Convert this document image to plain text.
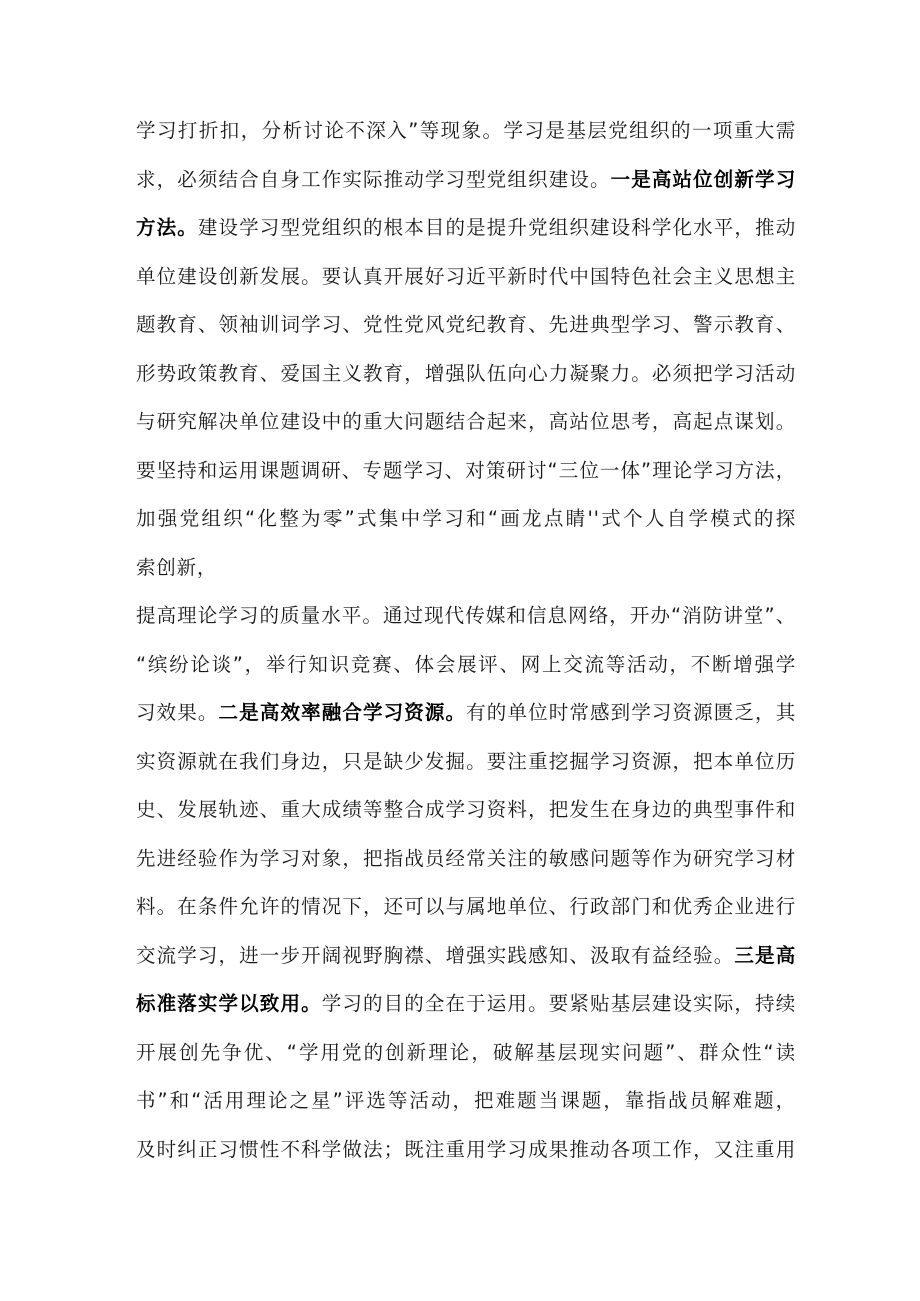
学习打折扣，分析讨论不深入”等现象。学习是基层党组织的一项重大需
求，必须结合自身工作实际推动学习型党组织建设。一是高站位创新学习
方法。建设学习型党组织的根本目的是提升党组织建设科学化水平，推动
单位建设创新发展。要认真开展好习近平新时代中国特色社会主义思想主
题教育、领袖训词学习、党性党风党纪教育、先进典型学习、警示教育、
形势政策教育、爱国主义教育，增强队伍向心力凝聚力。必须把学习活动
与研究解决单位建设中的重大问题结合起来，高站位思考，高起点谋划。
要坚持和运用课题调研、专题学习、对策研讨“三位一体”理论学习方法，
加强党组织“化整为零”式集中学习和“画龙点睛''式个人自学模式的探
索创新，
提高理论学习的质量水平。通过现代传媒和信息网络，开办“消防讲堂”、
“缤纷论谈”，举行知识竞赛、体会展评、网上交流等活动，不断增强学
习效果。二是高效率融合学习资源。有的单位时常感到学习资源匮乏，其
实资源就在我们身边，只是缺少发掘。要注重挖掘学习资源，把本单位历
史、发展轨迹、重大成绩等整合成学习资料，把发生在身边的典型事件和
先进经验作为学习对象，把指战员经常关注的敏感问题等作为研究学习材
料。在条件允许的情况下，还可以与属地单位、行政部门和优秀企业进行
交流学习，进一步开阔视野胸襟、增强实践感知、汲取有益经验。三是高
标准落实学以致用。学习的目的全在于运用。要紧贴基层建设实际，持续
开展创先争优、“学用党的创新理论，破解基层现实问题”、群众性“读
书”和“活用理论之星”评选等活动，把难题当课题，靠指战员解难题，
及时纠正习惯性不科学做法；既注重用学习成果推动各项工作，又注重用
